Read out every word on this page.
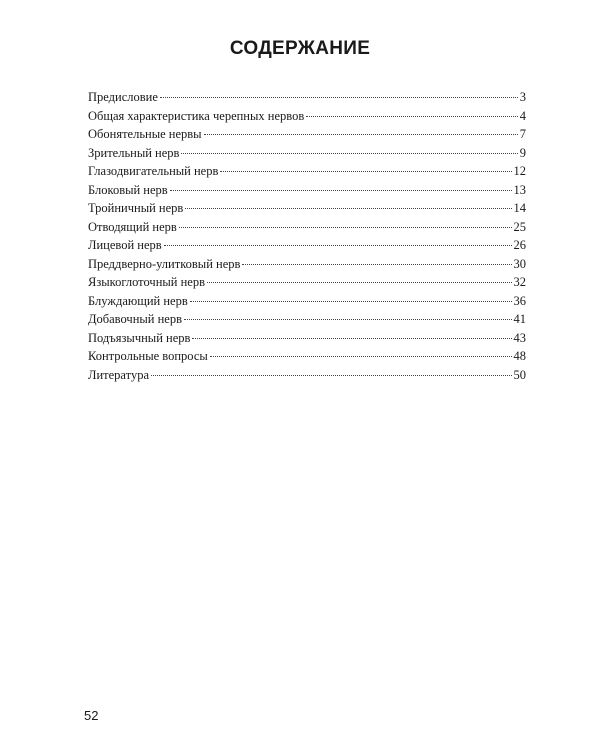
СОДЕРЖАНИЕ
Предисловие	3
Общая характеристика черепных нервов	4
Обонятельные нервы	7
Зрительный нерв	9
Глазодвигательный нерв	12
Блоковый нерв	13
Тройничный нерв	14
Отводящий нерв	25
Лицевой нерв	26
Преддверно-улитковый нерв	30
Языкоглоточный нерв	32
Блуждающий нерв	36
Добавочный нерв	41
Подъязычный нерв	43
Контрольные вопросы	48
Литература	50
52
